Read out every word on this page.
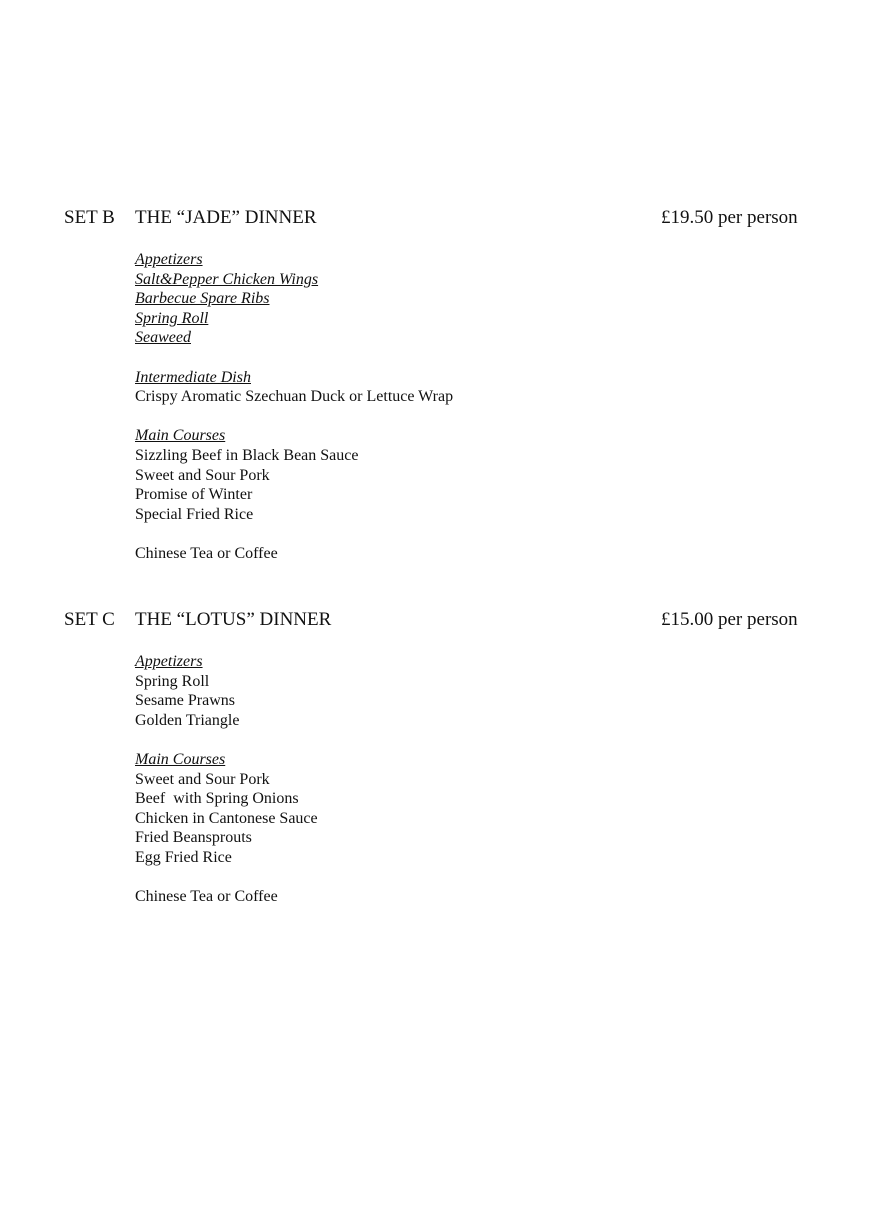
SET B THE “JADE” DINNER	£19.50 per person
Appetizers
Salt&Pepper Chicken Wings
Barbecue Spare Ribs
Spring Roll
Seaweed
Intermediate Dish
Crispy Aromatic Szechuan Duck or Lettuce Wrap
Main Courses
Sizzling Beef in Black Bean Sauce
Sweet and Sour Pork
Promise of Winter
Special Fried Rice
Chinese Tea or Coffee
SET C THE “LOTUS” DINNER	£15.00 per person
Appetizers
Spring Roll
Sesame Prawns
Golden Triangle
Main Courses
Sweet and Sour Pork
Beef  with Spring Onions
Chicken in Cantonese Sauce
Fried Beansprouts
Egg Fried Rice
Chinese Tea or Coffee
